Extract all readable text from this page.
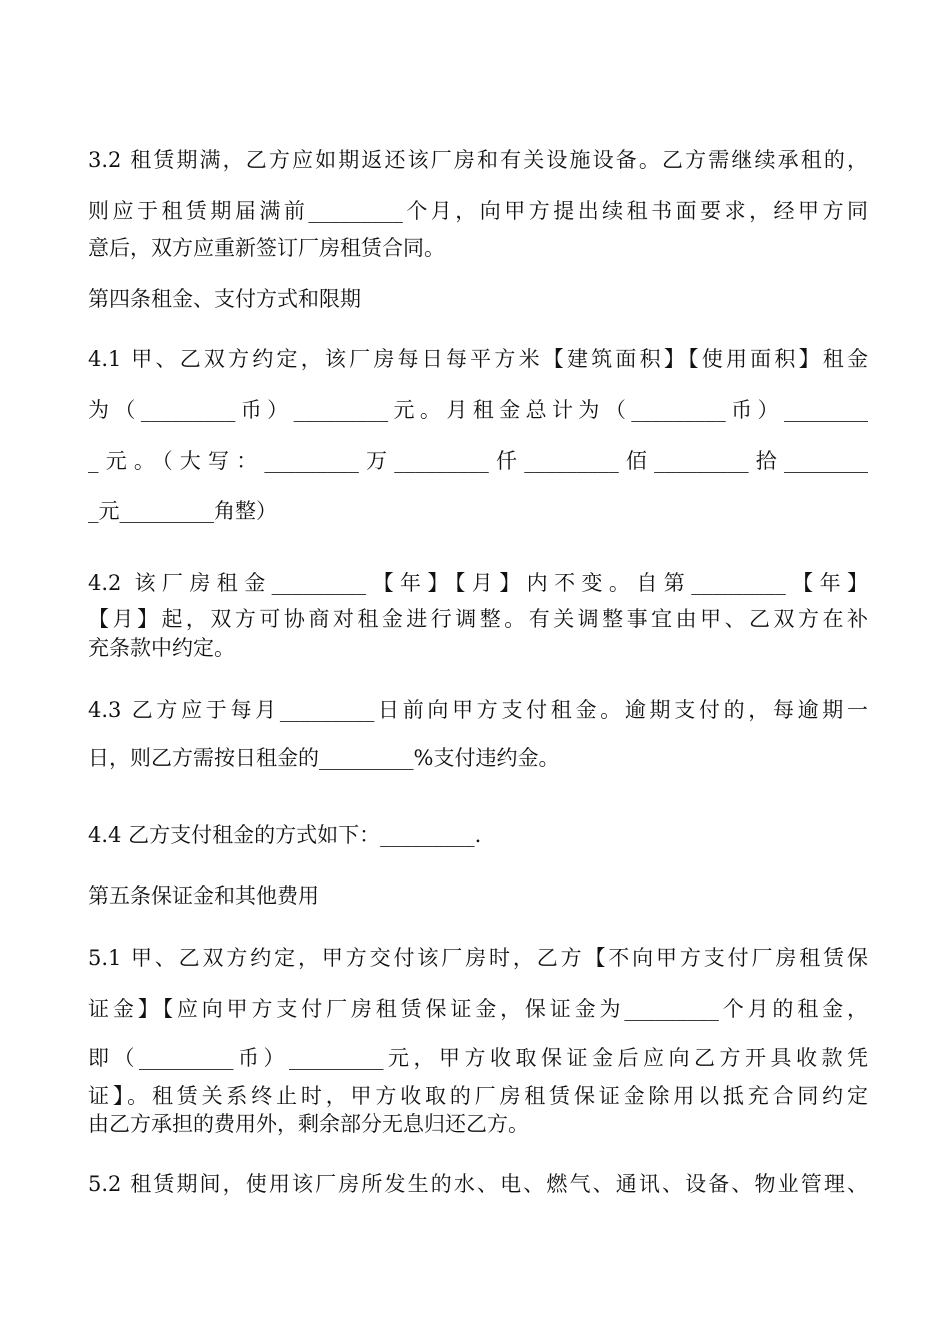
3.2 租赁期满，乙方应如期返还该厂房和有关设施设备。乙方需继续承租的，
则应于租赁期届满前_________个月，向甲方提出续租书面要求，经甲方同
意后，双方应重新签订厂房租赁合同。
第四条租金、支付方式和限期
4.1 甲、乙双方约定，该厂房每日每平方米【建筑面积】【使用面积】租金
为（_________币）_________元。月租金总计为（_________币）________
_元。（大写：_________万_________仟_________佰_________拾________
_元_________角整）
4.2 该厂房租金_________【年】【月】内不变。自第_________【年】
【月】起，双方可协商对租金进行调整。有关调整事宜由甲、乙双方在补
充条款中约定。
4.3 乙方应于每月_________日前向甲方支付租金。逾期支付的，每逾期一
日，则乙方需按日租金的_________%支付违约金。
4.4 乙方支付租金的方式如下：_________.
第五条保证金和其他费用
5.1 甲、乙双方约定，甲方交付该厂房时，乙方【不向甲方支付厂房租赁保
证金】【应向甲方支付厂房租赁保证金，保证金为_________个月的租金，
即（_________币）_________元，甲方收取保证金后应向乙方开具收款凭
证】。租赁关系终止时，甲方收取的厂房租赁保证金除用以抵充合同约定
由乙方承担的费用外，剩余部分无息归还乙方。
5.2 租赁期间，使用该厂房所发生的水、电、燃气、通讯、设备、物业管理、
